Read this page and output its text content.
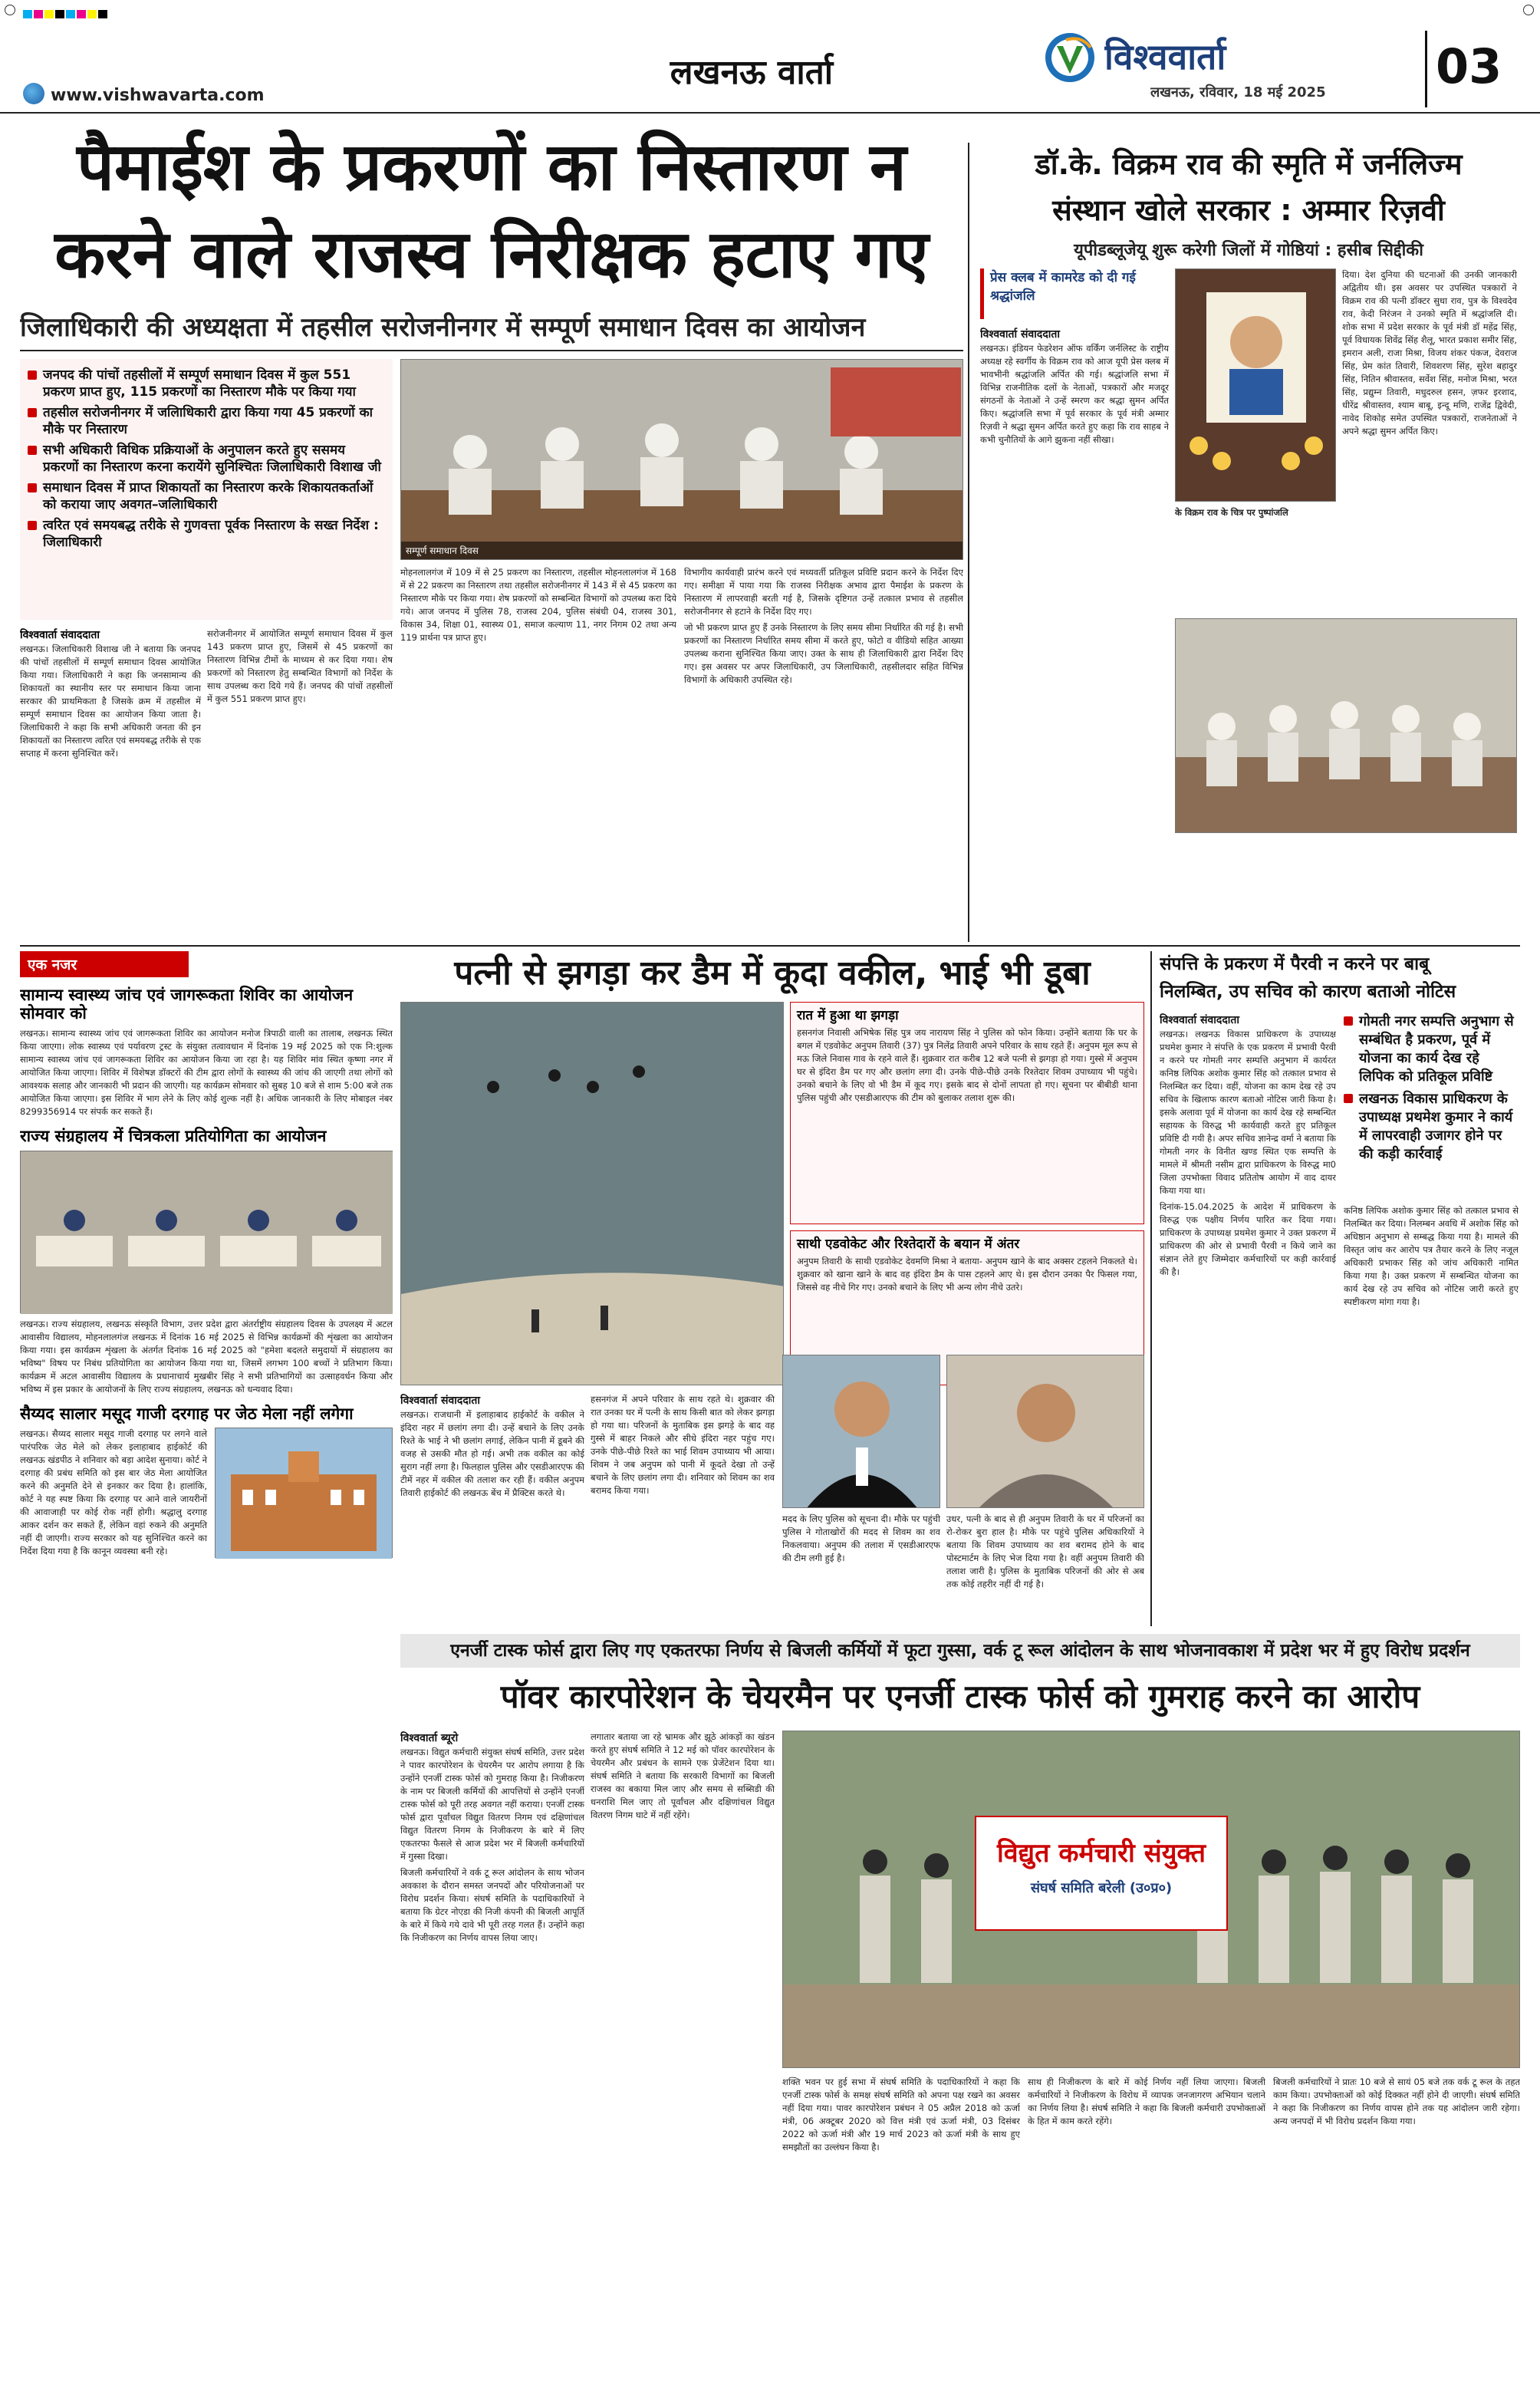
www.vishwavarta.com
लखनऊ वार्ता	विश्ववार्ता
लखनऊ, रविवार, 18 मई 2025	03
पैमाईश के प्रकरणों का निस्तारण न
करने वाले राजस्व निरीक्षक हटाए गए
जिलाधिकारी की अध्यक्षता में तहसील सरोजनीनगर में सम्पूर्ण समाधान दिवस का आयोजन
जनपद की पांचों तहसीलों में सम्पूर्ण समाधान दिवस में कुल 551 प्रकरण प्राप्त हुए, 115 प्रकरणों का निस्तारण मौके पर किया गया
तहसील सरोजनीनगर में जलिाधिकारी द्वारा किया गया 45 प्रकरणों का मौके पर निस्तारण
सभी अधिकारी विधिक प्रक्रियाओं के अनुपालन करते हुए ससमय प्रकरणों का निस्तारण करना करायेंगे सुनिश्चितः जिलाधिकारी विशाख जी
समाधान दिवस में प्राप्त शिकायतों का निस्तारण करके शिकायतकर्ताओं को कराया जाए अवगत–जलिाधिकारी
त्वरित एवं समयबद्ध तरीके से गुणवत्ता पूर्वक निस्तारण के सख्त निर्देश : जिलाधिकारी
सम्पूर्ण समाधान दिवस

मोहनलालगंज में 109 में से 25 प्रकरण का निस्तारण, तहसील मोहनलालगंज में 168 में से 22 प्रकरण का निस्तारण तथा तहसील सरोजनीनगर में 143 में से 45 प्रकरण का निस्तारण मौके पर किया गया। शेष प्रकरणों को सम्बन्धित विभागों को उपलब्ध करा दिये गये। आज जनपद में पुलिस 78, राजस्व 204, पुलिस संबंधी 04, राजस्व 301, विकास 34, शिक्षा 01, स्वास्थ्य 01, समाज कल्याण 11, नगर निगम 02 तथा अन्य 119 प्रार्थना पत्र प्राप्त हुए।

विभागीय कार्यवाही प्रारंभ करने एवं मध्यवर्ती प्रतिकूल प्रविष्टि प्रदान करने के निर्देश दिए गए। समीक्षा में पाया गया कि राजस्व निरीक्षक अभाव द्वारा पैमाईश के प्रकरण के निस्तारण में लापरवाही बरती गई है, जिसके दृष्टिगत उन्हें तत्काल प्रभाव से तहसील सरोजनीनगर से हटाने के निर्देश दिए गए।

जो भी प्रकरण प्राप्त हुए हैं उनके निस्तारण के लिए समय सीमा निर्धारित की गई है। सभी प्रकरणों का निस्तारण निर्धारित समय सीमा में करते हुए, फोटो व वीडियो सहित आख्या उपलब्ध कराना सुनिश्चित किया जाए। उक्त के साथ ही जिलाधिकारी द्वारा निर्देश दिए गए। इस अवसर पर अपर जिलाधिकारी, उप जिलाधिकारी, तहसीलदार सहित विभिन्न विभागों के अधिकारी उपस्थित रहे।

विश्ववार्ता संवाददाता

लखनऊ। जिलाधिकारी विशाख जी ने बताया कि जनपद की पांचों तहसीलों में सम्पूर्ण समाधान दिवस आयोजित किया गया। जिलाधिकारी ने कहा कि जनसामान्य की शिकायतों का स्थानीय स्तर पर समाधान किया जाना सरकार की प्राथमिकता है जिसके क्रम में तहसील में सम्पूर्ण समाधान दिवस का आयोजन किया जाता है। जिलाधिकारी ने कहा कि सभी अधिकारी जनता की इन शिकायतों का निस्तारण त्वरित एवं समयबद्ध तरीके से एक सप्ताह में करना सुनिश्चित करें।

सरोजनीनगर में आयोजित सम्पूर्ण समाधान दिवस में कुल 143 प्रकरण प्राप्त हुए, जिसमें से 45 प्रकरणों का निस्तारण विभिन्न टीमों के माध्यम से कर दिया गया। शेष प्रकरणों को निस्तारण हेतु सम्बन्धित विभागों को निर्देश के साथ उपलब्ध करा दिये गये हैं। जनपद की पांचों तहसीलों में कुल 551 प्रकरण प्राप्त हुए।

डॉ.के. विक्रम राव की स्मृति में जर्नलिज्म
संस्थान खोले सरकार : अम्मार रिज़वी
यूपीडब्लूजेयू शुरू करेगी जिलों में गोष्ठियां : हसीब सिद्दीकी
प्रेस क्लब में कामरेड को दी गई श्रद्धांजलि
विश्ववार्ता संवाददाता

लखनऊ। इंडियन फेडरेशन ऑफ वर्किंग जर्नलिस्ट के राष्ट्रीय अध्यक्ष रहे स्वर्गीय के विक्रम राव को आज यूपी प्रेस क्लब में भावभीनी श्रद्धांजलि अर्पित की गई। श्रद्धांजलि सभा में विभिन्न राजनीतिक दलों के नेताओं, पत्रकारों और मजदूर संगठनों के नेताओं ने उन्हें स्मरण कर श्रद्धा सुमन अर्पित किए। श्रद्धांजलि सभा में पूर्व सरकार के पूर्व मंत्री अम्मार रिज़वी ने श्रद्धा सुमन अर्पित करते हुए कहा कि राव साहब ने कभी चुनौतियों के आगे झुकना नहीं सीखा।

के विक्रम राव के चित्र पर पुष्पांजलि

दिया। देश दुनिया की घटनाओं की उनकी जानकारी अद्वितीय थी। इस अवसर पर उपस्थित पत्रकारों ने विक्रम राव की पत्नी डॉक्टर सुधा राव, पुत्र के विश्वदेव राव, केदी निरंजन ने उनको स्मृति में श्रद्धांजलि दी। शोक सभा में प्रदेश सरकार के पूर्व मंत्री डॉ महेंद्र सिंह, पूर्व विधायक शिवेंद्र सिंह शैलू, भारत प्रकाश समीर सिंह, इमरान अली, राजा मिश्रा, विजय शंकर पंकज, देवराज सिंह, प्रेम कांत तिवारी, शिवशरण सिंह, सुरेश बहादुर सिंह, नितिन श्रीवास्तव, सर्वेश सिंह, मनोज मिश्रा, भरत सिंह, प्रद्युम्न तिवारी, मधुदरुल हसन, ज़फर इरशाद, धीरेंद्र श्रीवास्तव, श्याम बाबू, इन्दू मणि, राजेंद्र द्विवेदी, नावेद शिकोह समेत उपस्थित पत्रकारों, राजनेताओं ने अपने श्रद्धा सुमन अर्पित किए।

एक नजर
सामान्य स्वास्थ्य जांच एवं जागरूकता शिविर का आयोजन सोमवार को
लखनऊ। सामान्य स्वास्थ्य जांच एवं जागरूकता शिविर का आयोजन मनोज त्रिपाठी वाली का तालाब, लखनऊ स्थित किया जाएगा। लोक स्वास्थ्य एवं पर्यावरण ट्रस्ट के संयुक्त तत्वावधान में दिनांक 19 मई 2025 को एक नि:शुल्क सामान्य स्वास्थ्य जांच एवं जागरूकता शिविर का आयोजन किया जा रहा है। यह शिविर मांव स्थित कृष्णा नगर में आयोजित किया जाएगा। शिविर में विशेषज्ञ डॉक्टरों की टीम द्वारा लोगों के स्वास्थ्य की जांच की जाएगी तथा लोगों को आवश्यक सलाह और जानकारी भी प्रदान की जाएगी। यह कार्यक्रम सोमवार को सुबह 10 बजे से शाम 5:00 बजे तक आयोजित किया जाएगा। इस शिविर में भाग लेने के लिए कोई शुल्क नहीं है। अधिक जानकारी के लिए मोबाइल नंबर 8299356914 पर संपर्क कर सकते हैं।
राज्य संग्रहालय में चित्रकला प्रतियोगिता का आयोजन
लखनऊ। राज्य संग्रहालय, लखनऊ संस्कृति विभाग, उत्तर प्रदेश द्वारा अंतर्राष्ट्रीय संग्रहालय दिवस के उपलक्ष्य में अटल आवासीय विद्यालय, मोहनलालगंज लखनऊ में दिनांक 16 मई 2025 से विभिन्न कार्यक्रमों की शृंखला का आयोजन किया गया। इस कार्यक्रम शृंखला के अंतर्गत दिनांक 16 मई 2025 को "हमेशा बदलते समुदायों में संग्रहालय का भविष्य" विषय पर निबंध प्रतियोगिता का आयोजन किया गया था, जिसमें लगभग 100 बच्चों ने प्रतिभाग किया। कार्यक्रम में अटल आवासीय विद्यालय के प्रधानाचार्य मुखबीर सिंह ने सभी प्रतिभागियों का उत्साहवर्धन किया और भविष्य में इस प्रकार के आयोजनों के लिए राज्य संग्रहालय, लखनऊ को धन्यवाद दिया।
सैय्यद सालार मसूद गाजी दरगाह पर जेठ मेला नहीं लगेगा
लखनऊ। सैय्यद सालार मसूद गाजी दरगाह पर लगने वाले पारंपरिक जेठ मेले को लेकर इलाहाबाद हाईकोर्ट की लखनऊ खंडपीठ ने शनिवार को बड़ा आदेश सुनाया। कोर्ट ने दरगाह की प्रबंध समिति को इस बार जेठ मेला आयोजित करने की अनुमति देने से इनकार कर दिया है। हालांकि, कोर्ट ने यह स्पष्ट किया कि दरगाह पर आने वाले जायरीनों की आवाजाही पर कोई रोक नहीं होगी। श्रद्धालु दरगाह आकर दर्शन कर सकते हैं, लेकिन वहां रुकने की अनुमति नहीं दी जाएगी। राज्य सरकार को यह सुनिश्चित करने का निर्देश दिया गया है कि कानून व्यवस्था बनी रहे।
पत्नी से झगड़ा कर डैम में कूदा वकील, भाई भी डूबा
रात में हुआ था झगड़ा
हसनगंज निवासी अभिषेक सिंह पुत्र जय नारायण सिंह ने पुलिस को फोन किया। उन्होंने बताया कि घर के बगल में एडवोकेट अनुपम तिवारी (37) पुत्र निलेंद्र तिवारी अपने परिवार के साथ रहते हैं। अनुपम मूल रूप से मऊ जिले निवास गाव के रहने वाले हैं। शुक्रवार रात करीब 12 बजे पत्नी से झगड़ा हो गया। गुस्से में अनुपम घर से इंदिरा डैम पर गए और छलांग लगा दी। उनके पीछे-पीछे उनके रिश्तेदार शिवम उपाध्याय भी पहुंचे। उनको बचाने के लिए वो भी डैम में कूद गए। इसके बाद से दोनों लापता हो गए। सूचना पर बीबीडी थाना पुलिस पहुंची और एसडीआरएफ की टीम को बुलाकर तलाश शुरू की।
साथी एडवोकेट और रिश्तेदारों के बयान में अंतर
अनुपम तिवारी के साथी एडवोकेट देवमणि मिश्रा ने बताया- अनुपम खाने के बाद अक्सर टहलने निकलते थे। शुक्रवार को खाना खाने के बाद वह इंदिरा डैम के पास टहलने आए थे। इस दौरान उनका पैर फिसल गया, जिससे वह नीचे गिर गए। उनको बचाने के लिए भी अन्य लोग नीचे उतरे।
विश्ववार्ता संवाददाता

लखनऊ। राजधानी में इलाहाबाद हाईकोर्ट के वकील ने इंदिरा नहर में छलांग लगा दी। उन्हें बचाने के लिए उनके रिश्ते के भाई ने भी छलांग लगाई, लेकिन पानी में डूबने की वजह से उसकी मौत हो गई। अभी तक वकील का कोई सुराग नहीं लगा है। फिलहाल पुलिस और एसडीआरएफ की टीमें नहर में वकील की तलाश कर रही हैं। वकील अनुपम तिवारी हाईकोर्ट की लखनऊ बेंच में प्रैक्टिस करते थे।

हसनगंज में अपने परिवार के साथ रहते थे। शुक्रवार की रात उनका घर में पत्नी के साथ किसी बात को लेकर झगड़ा हो गया था। परिजनों के मुताबिक इस झगड़े के बाद वह गुस्से में बाहर निकले और सीधे इंदिरा नहर पहुंच गए। उनके पीछे-पीछे रिश्ते का भाई शिवम उपाध्याय भी आया। शिवम ने जब अनुपम को पानी में कूदते देखा तो उन्हें बचाने के लिए छलांग लगा दी। शनिवार को शिवम का शव बरामद किया गया।

मदद के लिए पुलिस को सूचना दी। मौके पर पहुंची पुलिस ने गोताखोरों की मदद से शिवम का शव निकलवाया। अनुपम की तलाश में एसडीआरएफ की टीम लगी हुई है।

उधर, पत्नी के बाद से ही अनुपम तिवारी के घर में परिजनों का रो-रोकर बुरा हाल है। मौके पर पहुंचे पुलिस अधिकारियों ने बताया कि शिवम उपाध्याय का शव बरामद होने के बाद पोस्टमार्टम के लिए भेज दिया गया है। वहीं अनुपम तिवारी की तलाश जारी है। पुलिस के मुताबिक परिजनों की ओर से अब तक कोई तहरीर नहीं दी गई है।

संपत्ति के प्रकरण में पैरवी न करने पर बाबू
निलम्बित, उप सचिव को कारण बताओ नोटिस
विश्ववार्ता संवाददाता

लखनऊ। लखनऊ विकास प्राधिकरण के उपाध्यक्ष प्रथमेश कुमार ने संपत्ति के एक प्रकरण में प्रभावी पैरवी न करने पर गोमती नगर सम्पत्ति अनुभाग में कार्यरत कनिष्ठ लिपिक अशोक कुमार सिंह को तत्काल प्रभाव से निलम्बित कर दिया। वहीं, योजना का काम देख रहे उप सचिव के खिलाफ कारण बताओ नोटिस जारी किया है। इसके अलावा पूर्व में योजना का कार्य देख रहे सम्बन्धित सहायक के विरुद्ध भी कार्यवाही करते हुए प्रतिकूल प्रविष्टि दी गयी है। अपर सचिव ज्ञानेन्द्र वर्मा ने बताया कि गोमती नगर के विनीत खण्ड स्थित एक सम्पत्ति के मामले में श्रीमती नसीम द्वारा प्राधिकरण के विरुद्ध मा0 जिला उपभोक्ता विवाद प्रतितोष आयोग में वाद दायर किया गया था।

दिनांक-15.04.2025 के आदेश में प्राधिकरण के विरुद्ध एक पक्षीय निर्णय पारित कर दिया गया। प्राधिकरण के उपाध्यक्ष प्रथमेश कुमार ने उक्त प्रकरण में प्राधिकरण की ओर से प्रभावी पैरवी न किये जाने का संज्ञान लेते हुए जिम्मेदार कर्मचारियों पर कड़ी कार्रवाई की है।

गोमती नगर सम्पत्ति अनुभाग से सम्बंधित है प्रकरण, पूर्व में योजना का कार्य देख रहे लिपिक को प्रतिकूल प्रविष्टि
लखनऊ विकास प्राधिकरण के उपाध्यक्ष प्रथमेश कुमार ने कार्य में लापरवाही उजागर होने पर की कड़ी कार्रवाई

कनिष्ठ लिपिक अशोक कुमार सिंह को तत्काल प्रभाव से निलम्बित कर दिया। निलम्बन अवधि में अशोक सिंह को अधिष्ठान अनुभाग से सम्बद्ध किया गया है। मामले की विस्तृत जांच कर आरोप पत्र तैयार करने के लिए नजूल अधिकारी प्रभाकर सिंह को जांच अधिकारी नामित किया गया है। उक्त प्रकरण में सम्बन्धित योजना का कार्य देख रहे उप सचिव को नोटिस जारी करते हुए स्पष्टीकरण मांगा गया है।

एनर्जी टास्क फोर्स द्वारा लिए गए एकतरफा निर्णय से बिजली कर्मियों में फूटा गुस्सा, वर्क टू रूल आंदोलन के साथ भोजनावकाश में प्रदेश भर में हुए विरोध प्रदर्शन
पॉवर कारपोरेशन के चेयरमैन पर एनर्जी टास्क फोर्स को गुमराह करने का आरोप
विश्ववार्ता ब्यूरो

लखनऊ। विद्युत कर्मचारी संयुक्त संघर्ष समिति, उत्तर प्रदेश ने पावर कारपोरेशन के चेयरमैन पर आरोप लगाया है कि उन्होंने एनर्जी टास्क फोर्स को गुमराह किया है। निजीकरण के नाम पर बिजली कर्मियों की आपत्तियों से उन्होंने एनर्जी टास्क फोर्स को पूरी तरह अवगत नहीं कराया। एनर्जी टास्क फोर्स द्वारा पूर्वांचल विद्युत वितरण निगम एवं दक्षिणांचल विद्युत वितरण निगम के निजीकरण के बारे में लिए एकतरफा फैसले से आज प्रदेश भर में बिजली कर्मचारियों में गुस्सा दिखा।

बिजली कर्मचारियों ने वर्क टू रूल आंदोलन के साथ भोजन अवकाश के दौरान समस्त जनपदों और परियोजनाओं पर विरोध प्रदर्शन किया। संघर्ष समिति के पदाधिकारियों ने बताया कि ग्रेटर नोएडा की निजी कंपनी की बिजली आपूर्ति के बारे में किये गये दावे भी पूरी तरह गलत हैं। उन्होंने कहा कि निजीकरण का निर्णय वापस लिया जाए।

लगातार बताया जा रहे भ्रामक और झूठे आंकड़ों का खंडन करते हुए संघर्ष समिति ने 12 मई को पॉवर कारपोरेशन के चेयरमैन और प्रबंधन के सामने एक प्रेजेंटेशन दिया था। संघर्ष समिति ने बताया कि सरकारी विभागों का बिजली राजस्व का बकाया मिल जाए और समय से सब्सिडी की धनराशि मिल जाए तो पूर्वांचल और दक्षिणांचल विद्युत वितरण निगम घाटे में नहीं रहेंगे।

विद्युत कर्मचारी संयुक्त
संघर्ष समिति बरेली (उ०प्र०)

शक्ति भवन पर हुई सभा में संघर्ष समिति के पदाधिकारियों ने कहा कि एनर्जी टास्क फोर्स के समक्ष संघर्ष समिति को अपना पक्ष रखने का अवसर नहीं दिया गया। पावर कारपोरेशन प्रबंधन ने 05 अप्रैल 2018 को ऊर्जा मंत्री, 06 अक्टूबर 2020 को वित्त मंत्री एवं ऊर्जा मंत्री, 03 दिसंबर 2022 को ऊर्जा मंत्री और 19 मार्च 2023 को ऊर्जा मंत्री के साथ हुए समझौतों का उल्लंघन किया है।

साथ ही निजीकरण के बारे में कोई निर्णय नहीं लिया जाएगा। बिजली कर्मचारियों ने निजीकरण के विरोध में व्यापक जनजागरण अभियान चलाने का निर्णय लिया है। संघर्ष समिति ने कहा कि बिजली कर्मचारी उपभोक्ताओं के हित में काम करते रहेंगे।

बिजली कर्मचारियों ने प्रातः 10 बजे से सायं 05 बजे तक वर्क टू रूल के तहत काम किया। उपभोक्ताओं को कोई दिक्कत नहीं होने दी जाएगी। संघर्ष समिति ने कहा कि निजीकरण का निर्णय वापस होने तक यह आंदोलन जारी रहेगा। अन्य जनपदों में भी विरोध प्रदर्शन किया गया।
